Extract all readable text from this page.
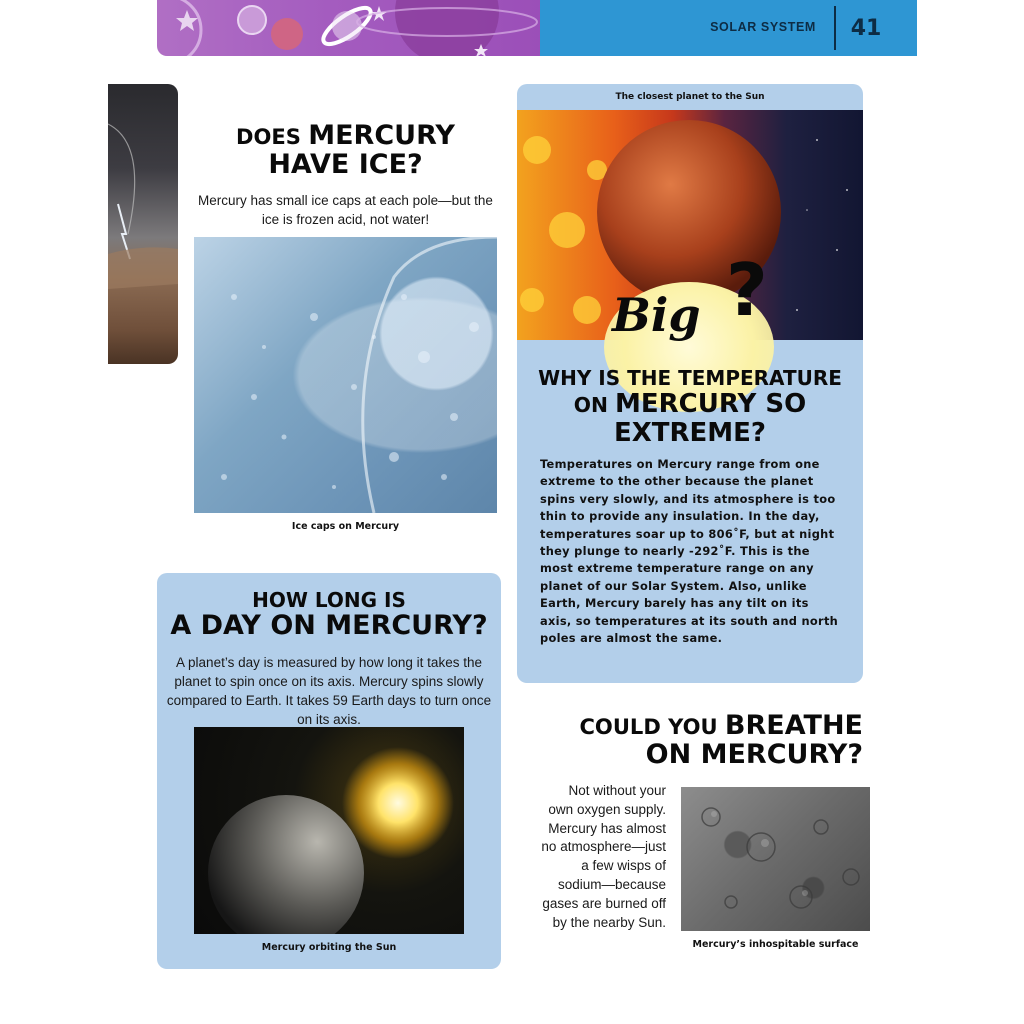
SOLAR SYSTEM	41
DOES MERCURY
HAVE ICE?
Mercury has small ice caps at each pole—but the ice is frozen acid, not water!
Ice caps on Mercury
HOW LONG IS
A DAY ON MERCURY?
A planet’s day is measured by how long it takes the planet to spin once on its axis. Mercury spins slowly compared to Earth. It takes 59 Earth days to turn once on its axis.
Mercury orbiting the Sun
The closest planet to the Sun
Big ?
WHY IS THE TEMPERATURE
ON MERCURY SO
EXTREME?
Temperatures on Mercury range from one extreme to the other because the planet spins very slowly, and its atmosphere is too thin to provide any insulation. In the day, temperatures soar up to 806˚F, but at night they plunge to nearly -292˚F. This is the most extreme temperature range on any planet of our Solar System. Also, unlike Earth, Mercury barely has any tilt on its axis, so temperatures at its south and north poles are almost the same.
COULD YOU BREATHE
ON MERCURY?
Not without your
own oxygen supply.
Mercury has almost
no atmosphere—just
a few wisps of
sodium—because
gases are burned off
by the nearby Sun.
Mercury’s inhospitable surface
